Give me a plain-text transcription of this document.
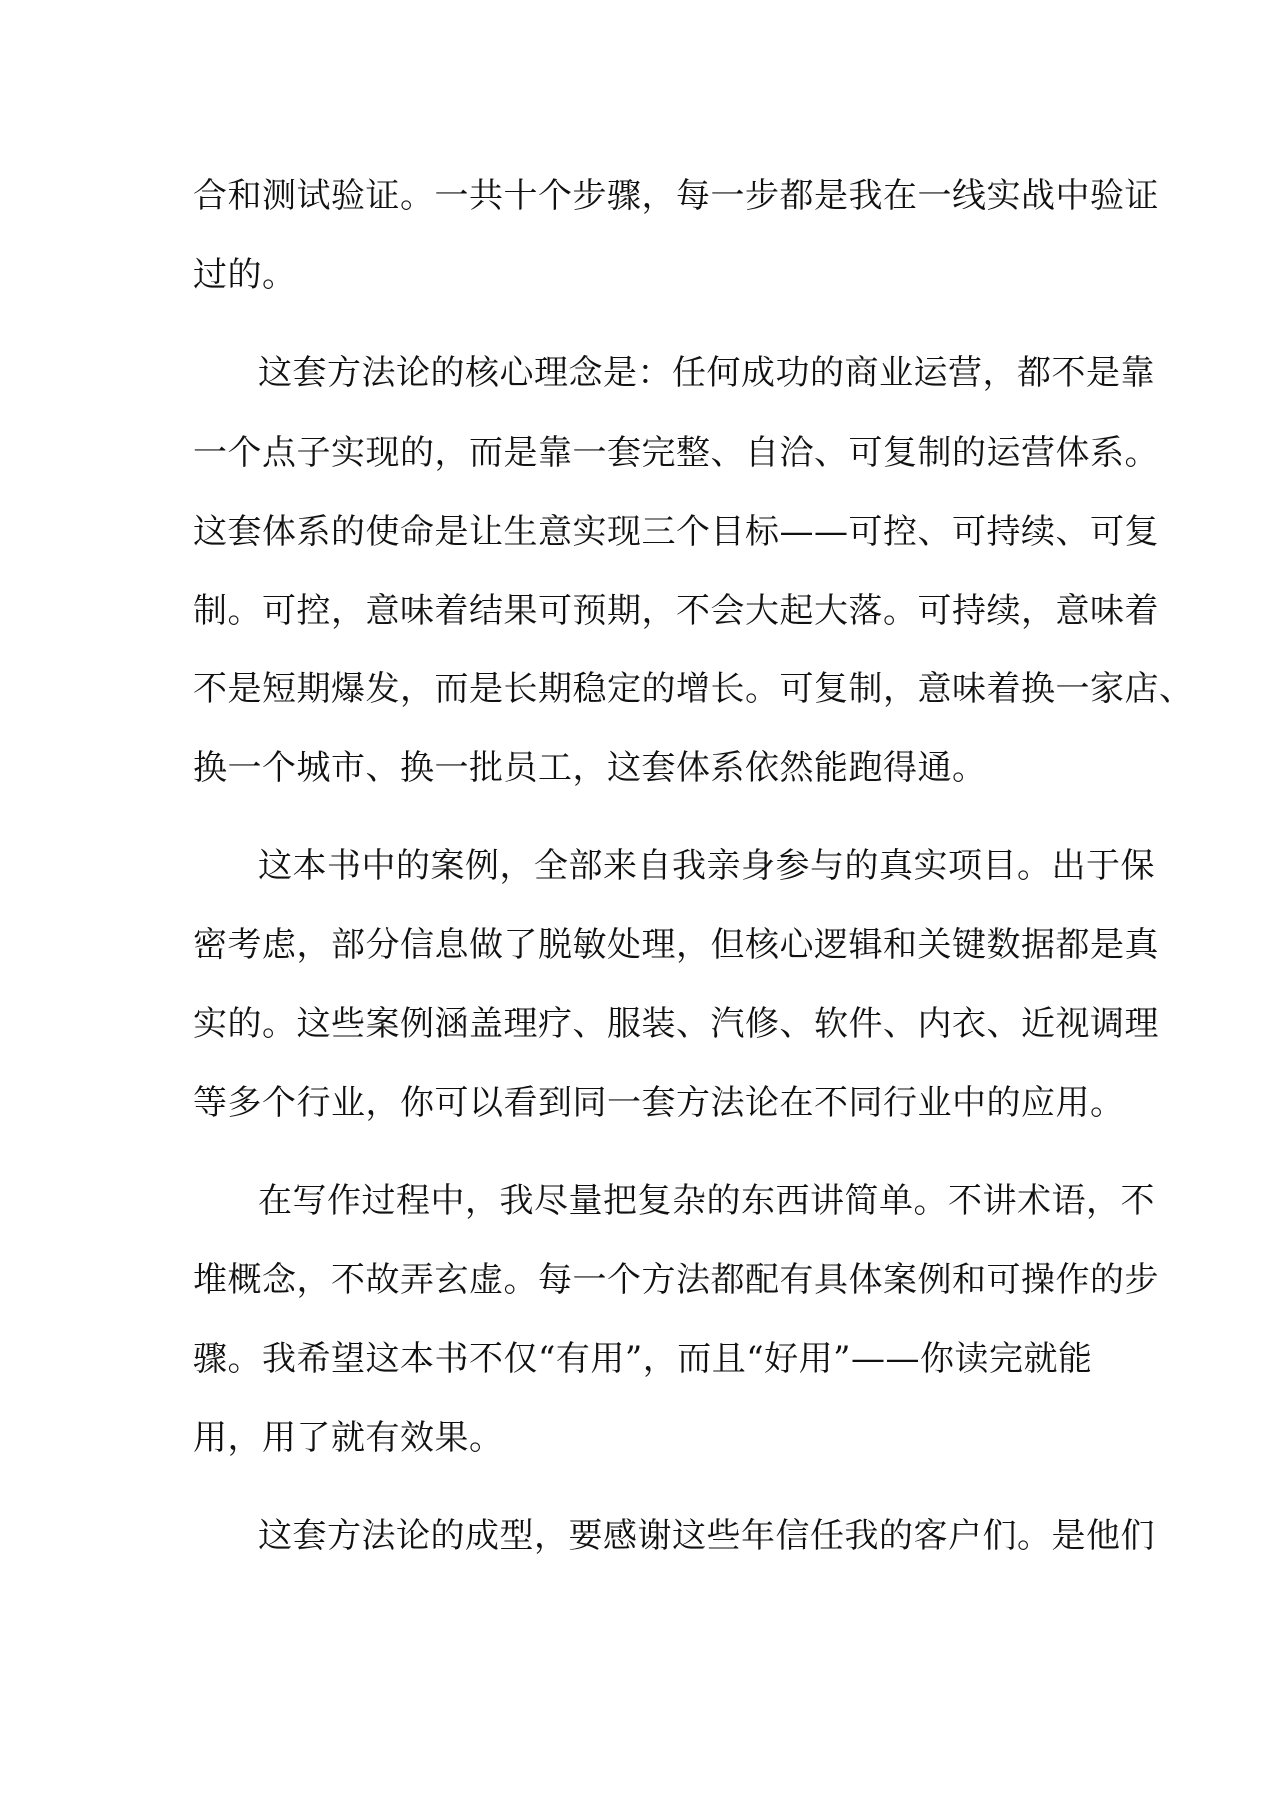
合和测试验证。一共十个步骤，每一步都是我在一线实战中验证
过的。
这套方法论的核心理念是：任何成功的商业运营，都不是靠
一个点子实现的，而是靠一套完整、自洽、可复制的运营体系。
这套体系的使命是让生意实现三个目标——可控、可持续、可复
制。可控，意味着结果可预期，不会大起大落。可持续，意味着
不是短期爆发，而是长期稳定的增长。可复制，意味着换一家店、
换一个城市、换一批员工，这套体系依然能跑得通。
这本书中的案例，全部来自我亲身参与的真实项目。出于保
密考虑，部分信息做了脱敏处理，但核心逻辑和关键数据都是真
实的。这些案例涵盖理疗、服装、汽修、软件、内衣、近视调理
等多个行业，你可以看到同一套方法论在不同行业中的应用。
在写作过程中，我尽量把复杂的东西讲简单。不讲术语，不
堆概念，不故弄玄虚。每一个方法都配有具体案例和可操作的步
骤。我希望这本书不仅“有用”，而且“好用”——你读完就能
用，用了就有效果。
这套方法论的成型，要感谢这些年信任我的客户们。是他们
